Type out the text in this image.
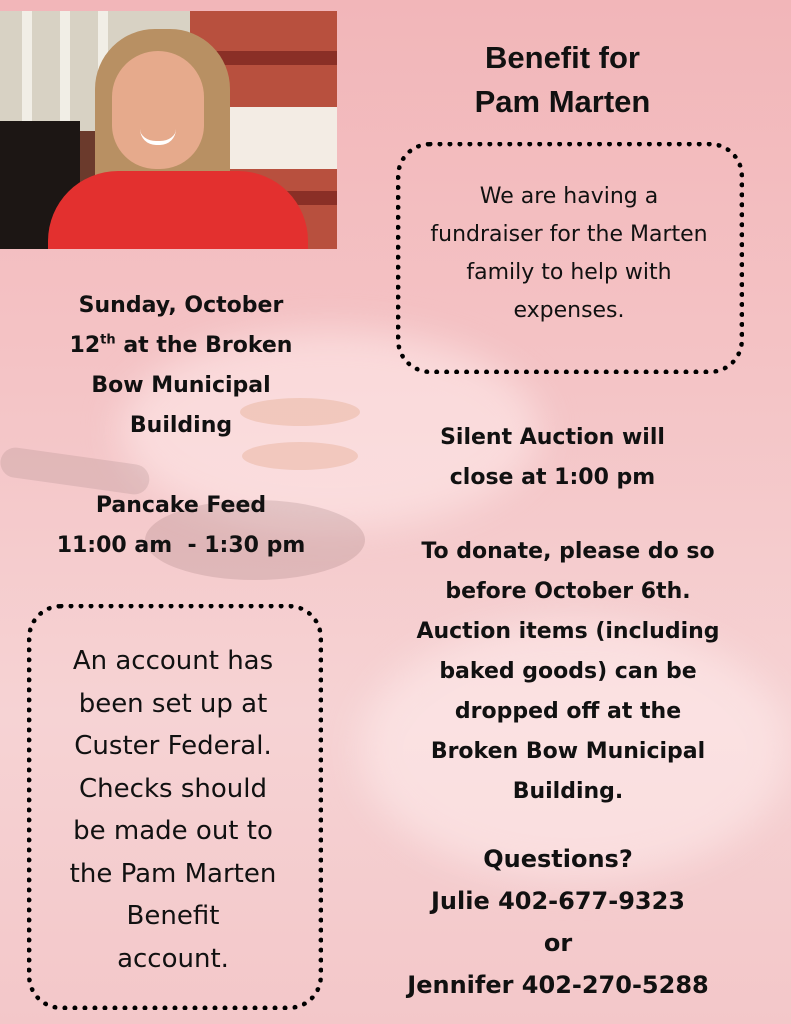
Benefit for
Pam Marten
We are having a
fundraiser for the Marten
family to help with
expenses.
Sunday, October
12th at the Broken
Bow Municipal
Building
Pancake Feed
11:00 am  - 1:30 pm
Silent Auction will
close at 1:00 pm
To donate, please do so
before October 6th.
Auction items (including
baked goods) can be
dropped off at the
Broken Bow Municipal
Building.
An account has
been set up at
Custer Federal.
Checks should
be made out to
the Pam Marten
Benefit
account.
Questions?
Julie 402-677-9323
or
Jennifer 402-270-5288
